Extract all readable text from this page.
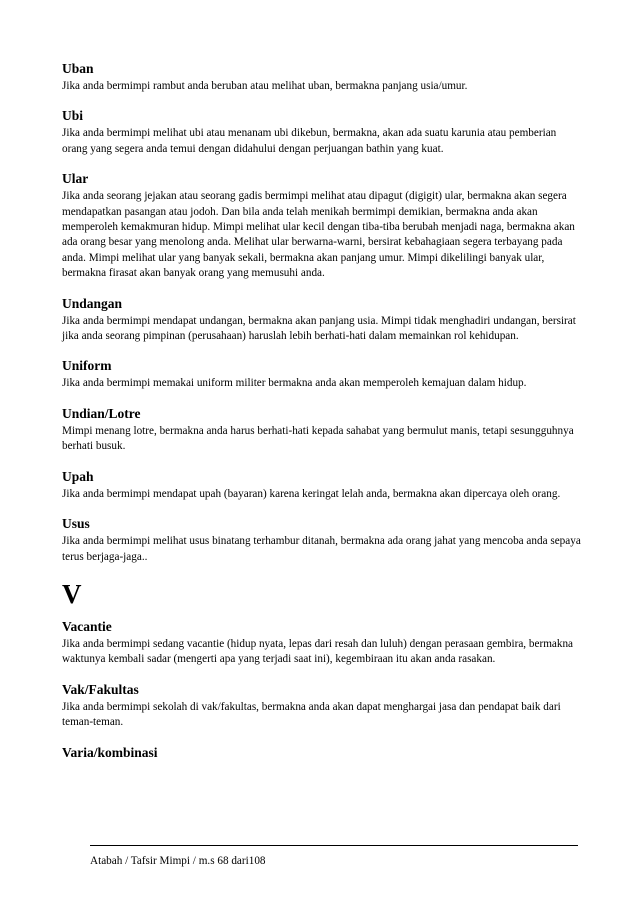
Uban

Jika anda bermimpi rambut anda beruban atau melihat uban, bermakna panjang usia/umur.

Ubi

Jika anda bermimpi melihat ubi atau menanam ubi dikebun, bermakna, akan ada suatu karunia atau pemberian orang yang segera anda temui dengan didahului dengan perjuangan bathin yang kuat.

Ular

Jika anda seorang jejakan atau seorang gadis bermimpi melihat atau dipagut (digigit) ular, bermakna akan segera mendapatkan pasangan atau jodoh. Dan bila anda telah menikah bermimpi demikian, bermakna anda akan memperoleh kemakmuran hidup. Mimpi melihat ular kecil dengan tiba-tiba berubah menjadi naga, bermakna akan ada orang besar yang menolong anda. Melihat ular berwarna-warni, bersirat kebahagiaan segera terbayang pada anda. Mimpi melihat ular yang banyak sekali, bermakna akan panjang umur. Mimpi dikelilingi banyak ular, bermakna firasat akan banyak orang yang memusuhi anda.

Undangan

Jika anda bermimpi mendapat undangan, bermakna akan panjang usia. Mimpi tidak menghadiri undangan, bersirat jika anda seorang pimpinan (perusahaan) haruslah lebih berhati-hati dalam memainkan rol kehidupan.

Uniform

Jika anda bermimpi memakai uniform militer bermakna anda akan memperoleh kemajuan dalam hidup.

Undian/Lotre

Mimpi menang lotre, bermakna anda harus berhati-hati kepada sahabat yang bermulut manis, tetapi sesungguhnya berhati busuk.

Upah

Jika anda bermimpi mendapat upah (bayaran) karena keringat lelah anda, bermakna akan dipercaya oleh orang.

Usus

Jika anda bermimpi melihat usus binatang terhambur ditanah, bermakna ada orang jahat yang mencoba anda sepaya terus berjaga-jaga..

V

Vacantie

Jika anda bermimpi sedang vacantie (hidup nyata, lepas dari resah dan luluh) dengan perasaan gembira, bermakna waktunya kembali sadar (mengerti apa yang terjadi saat ini), kegembiraan itu akan anda rasakan.

Vak/Fakultas

Jika anda bermimpi sekolah di vak/fakultas, bermakna anda akan dapat menghargai jasa dan pendapat baik dari teman-teman.

Varia/kombinasi

Atabah / Tafsir Mimpi / m.s 68 dari108
